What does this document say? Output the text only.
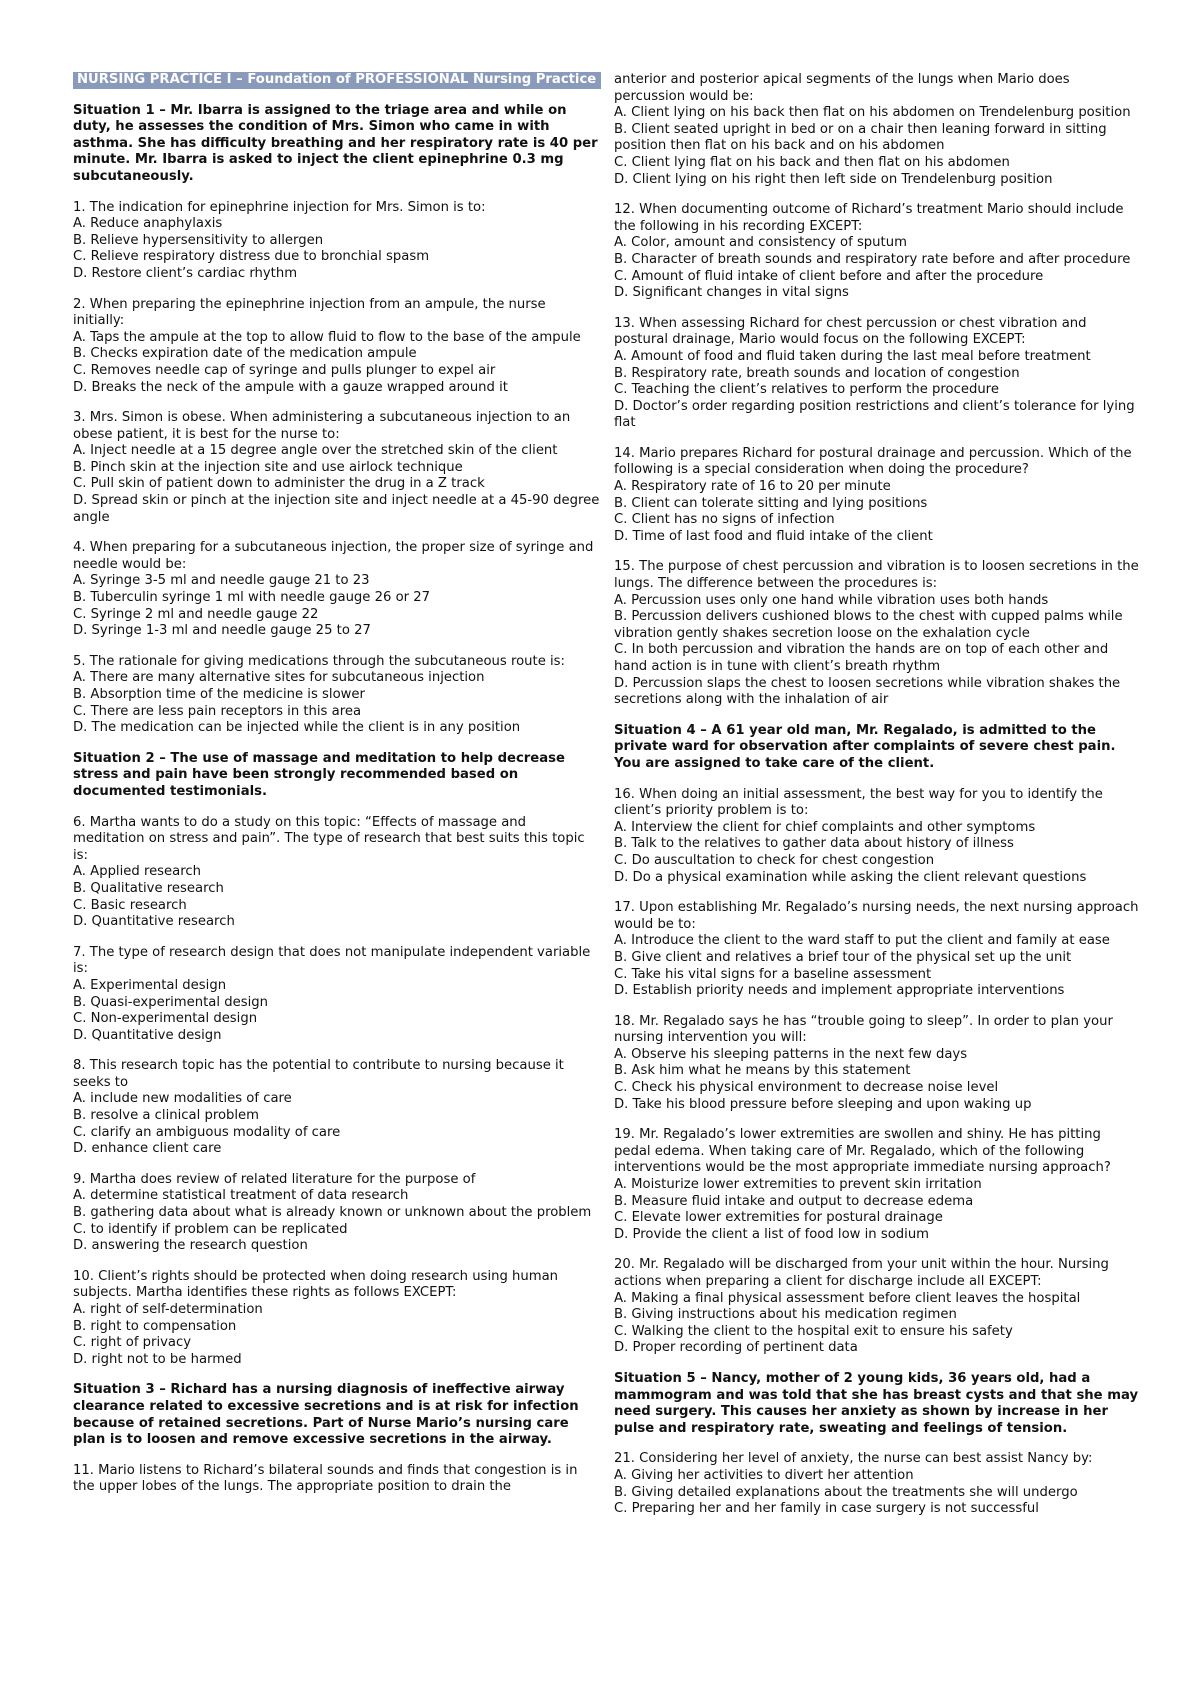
NURSING PRACTICE I – Foundation of PROFESSIONAL Nursing Practice
Situation 1 – Mr. Ibarra is assigned to the triage area and while on duty, he assesses the condition of Mrs. Simon who came in with asthma. She has difficulty breathing and her respiratory rate is 40 per minute. Mr. Ibarra is asked to inject the client epinephrine 0.3 mg subcutaneously.

1. The indication for epinephrine injection for Mrs. Simon is to:

A. Reduce anaphylaxis

B. Relieve hypersensitivity to allergen

C. Relieve respiratory distress due to bronchial spasm

D. Restore client’s cardiac rhythm

2. When preparing the epinephrine injection from an ampule, the nurse initially:

A. Taps the ampule at the top to allow fluid to flow to the base of the ampule

B. Checks expiration date of the medication ampule

C. Removes needle cap of syringe and pulls plunger to expel air

D. Breaks the neck of the ampule with a gauze wrapped around it

3. Mrs. Simon is obese. When administering a subcutaneous injection to an obese patient, it is best for the nurse to:

A. Inject needle at a 15 degree angle over the stretched skin of the client

B. Pinch skin at the injection site and use airlock technique

C. Pull skin of patient down to administer the drug in a Z track

D. Spread skin or pinch at the injection site and inject needle at a 45-90 degree angle

4. When preparing for a subcutaneous injection, the proper size of syringe and needle would be:

A. Syringe 3-5 ml and needle gauge 21 to 23

B. Tuberculin syringe 1 ml with needle gauge 26 or 27

C. Syringe 2 ml and needle gauge 22

D. Syringe 1-3 ml and needle gauge 25 to 27

5. The rationale for giving medications through the subcutaneous route is:

A. There are many alternative sites for subcutaneous injection

B. Absorption time of the medicine is slower

C. There are less pain receptors in this area

D. The medication can be injected while the client is in any position

Situation 2 – The use of massage and meditation to help decrease stress and pain have been strongly recommended based on documented testimonials.

6. Martha wants to do a study on this topic: “Effects of massage and meditation on stress and pain”. The type of research that best suits this topic is:

A. Applied research

B. Qualitative research

C. Basic research

D. Quantitative research

7. The type of research design that does not manipulate independent variable is:

A. Experimental design

B. Quasi-experimental design

C. Non-experimental design

D. Quantitative design

8. This research topic has the potential to contribute to nursing because it seeks to

A. include new modalities of care

B. resolve a clinical problem

C. clarify an ambiguous modality of care

D. enhance client care

9. Martha does review of related literature for the purpose of

A. determine statistical treatment of data research

B. gathering data about what is already known or unknown about the problem

C. to identify if problem can be replicated

D. answering the research question

10. Client’s rights should be protected when doing research using human subjects. Martha identifies these rights as follows EXCEPT:

A. right of self-determination

B. right to compensation

C. right of privacy

D. right not to be harmed

Situation 3 – Richard has a nursing diagnosis of ineffective airway clearance related to excessive secretions and is at risk for infection because of retained secretions. Part of Nurse Mario’s nursing care plan is to loosen and remove excessive secretions in the airway.

11. Mario listens to Richard’s bilateral sounds and finds that congestion is in the upper lobes of the lungs. The appropriate position to drain the

anterior and posterior apical segments of the lungs when Mario does percussion would be:

A. Client lying on his back then flat on his abdomen on Trendelenburg position

B. Client seated upright in bed or on a chair then leaning forward in sitting position then flat on his back and on his abdomen

C. Client lying flat on his back and then flat on his abdomen

D. Client lying on his right then left side on Trendelenburg position

12. When documenting outcome of Richard’s treatment Mario should include the following in his recording EXCEPT:

A. Color, amount and consistency of sputum

B. Character of breath sounds and respiratory rate before and after procedure

C. Amount of fluid intake of client before and after the procedure

D. Significant changes in vital signs

13. When assessing Richard for chest percussion or chest vibration and postural drainage, Mario would focus on the following EXCEPT:

A. Amount of food and fluid taken during the last meal before treatment

B. Respiratory rate, breath sounds and location of congestion

C. Teaching the client’s relatives to perform the procedure

D. Doctor’s order regarding position restrictions and client’s tolerance for lying flat

14. Mario prepares Richard for postural drainage and percussion. Which of the following is a special consideration when doing the procedure?

A. Respiratory rate of 16 to 20 per minute

B. Client can tolerate sitting and lying positions

C. Client has no signs of infection

D. Time of last food and fluid intake of the client

15. The purpose of chest percussion and vibration is to loosen secretions in the lungs. The difference between the procedures is:

A. Percussion uses only one hand while vibration uses both hands

B. Percussion delivers cushioned blows to the chest with cupped palms while vibration gently shakes secretion loose on the exhalation cycle

C. In both percussion and vibration the hands are on top of each other and hand action is in tune with client’s breath rhythm

D. Percussion slaps the chest to loosen secretions while vibration shakes the secretions along with the inhalation of air

Situation 4 – A 61 year old man, Mr. Regalado, is admitted to the private ward for observation after complaints of severe chest pain. You are assigned to take care of the client.

16. When doing an initial assessment, the best way for you to identify the client’s priority problem is to:

A. Interview the client for chief complaints and other symptoms

B. Talk to the relatives to gather data about history of illness

C. Do auscultation to check for chest congestion

D. Do a physical examination while asking the client relevant questions

17. Upon establishing Mr. Regalado’s nursing needs, the next nursing approach would be to:

A. Introduce the client to the ward staff to put the client and family at ease

B. Give client and relatives a brief tour of the physical set up the unit

C. Take his vital signs for a baseline assessment

D. Establish priority needs and implement appropriate interventions

18. Mr. Regalado says he has “trouble going to sleep”. In order to plan your nursing intervention you will:

A. Observe his sleeping patterns in the next few days

B. Ask him what he means by this statement

C. Check his physical environment to decrease noise level

D. Take his blood pressure before sleeping and upon waking up

19. Mr. Regalado’s lower extremities are swollen and shiny. He has pitting pedal edema. When taking care of Mr. Regalado, which of the following interventions would be the most appropriate immediate nursing approach?

A. Moisturize lower extremities to prevent skin irritation

B. Measure fluid intake and output to decrease edema

C. Elevate lower extremities for postural drainage

D. Provide the client a list of food low in sodium

20. Mr. Regalado will be discharged from your unit within the hour. Nursing actions when preparing a client for discharge include all EXCEPT:

A. Making a final physical assessment before client leaves the hospital

B. Giving instructions about his medication regimen

C. Walking the client to the hospital exit to ensure his safety

D. Proper recording of pertinent data

Situation 5 – Nancy, mother of 2 young kids, 36 years old, had a mammogram and was told that she has breast cysts and that she may need surgery. This causes her anxiety as shown by increase in her pulse and respiratory rate, sweating and feelings of tension.

21. Considering her level of anxiety, the nurse can best assist Nancy by:

A. Giving her activities to divert her attention

B. Giving detailed explanations about the treatments she will undergo

C. Preparing her and her family in case surgery is not successful
